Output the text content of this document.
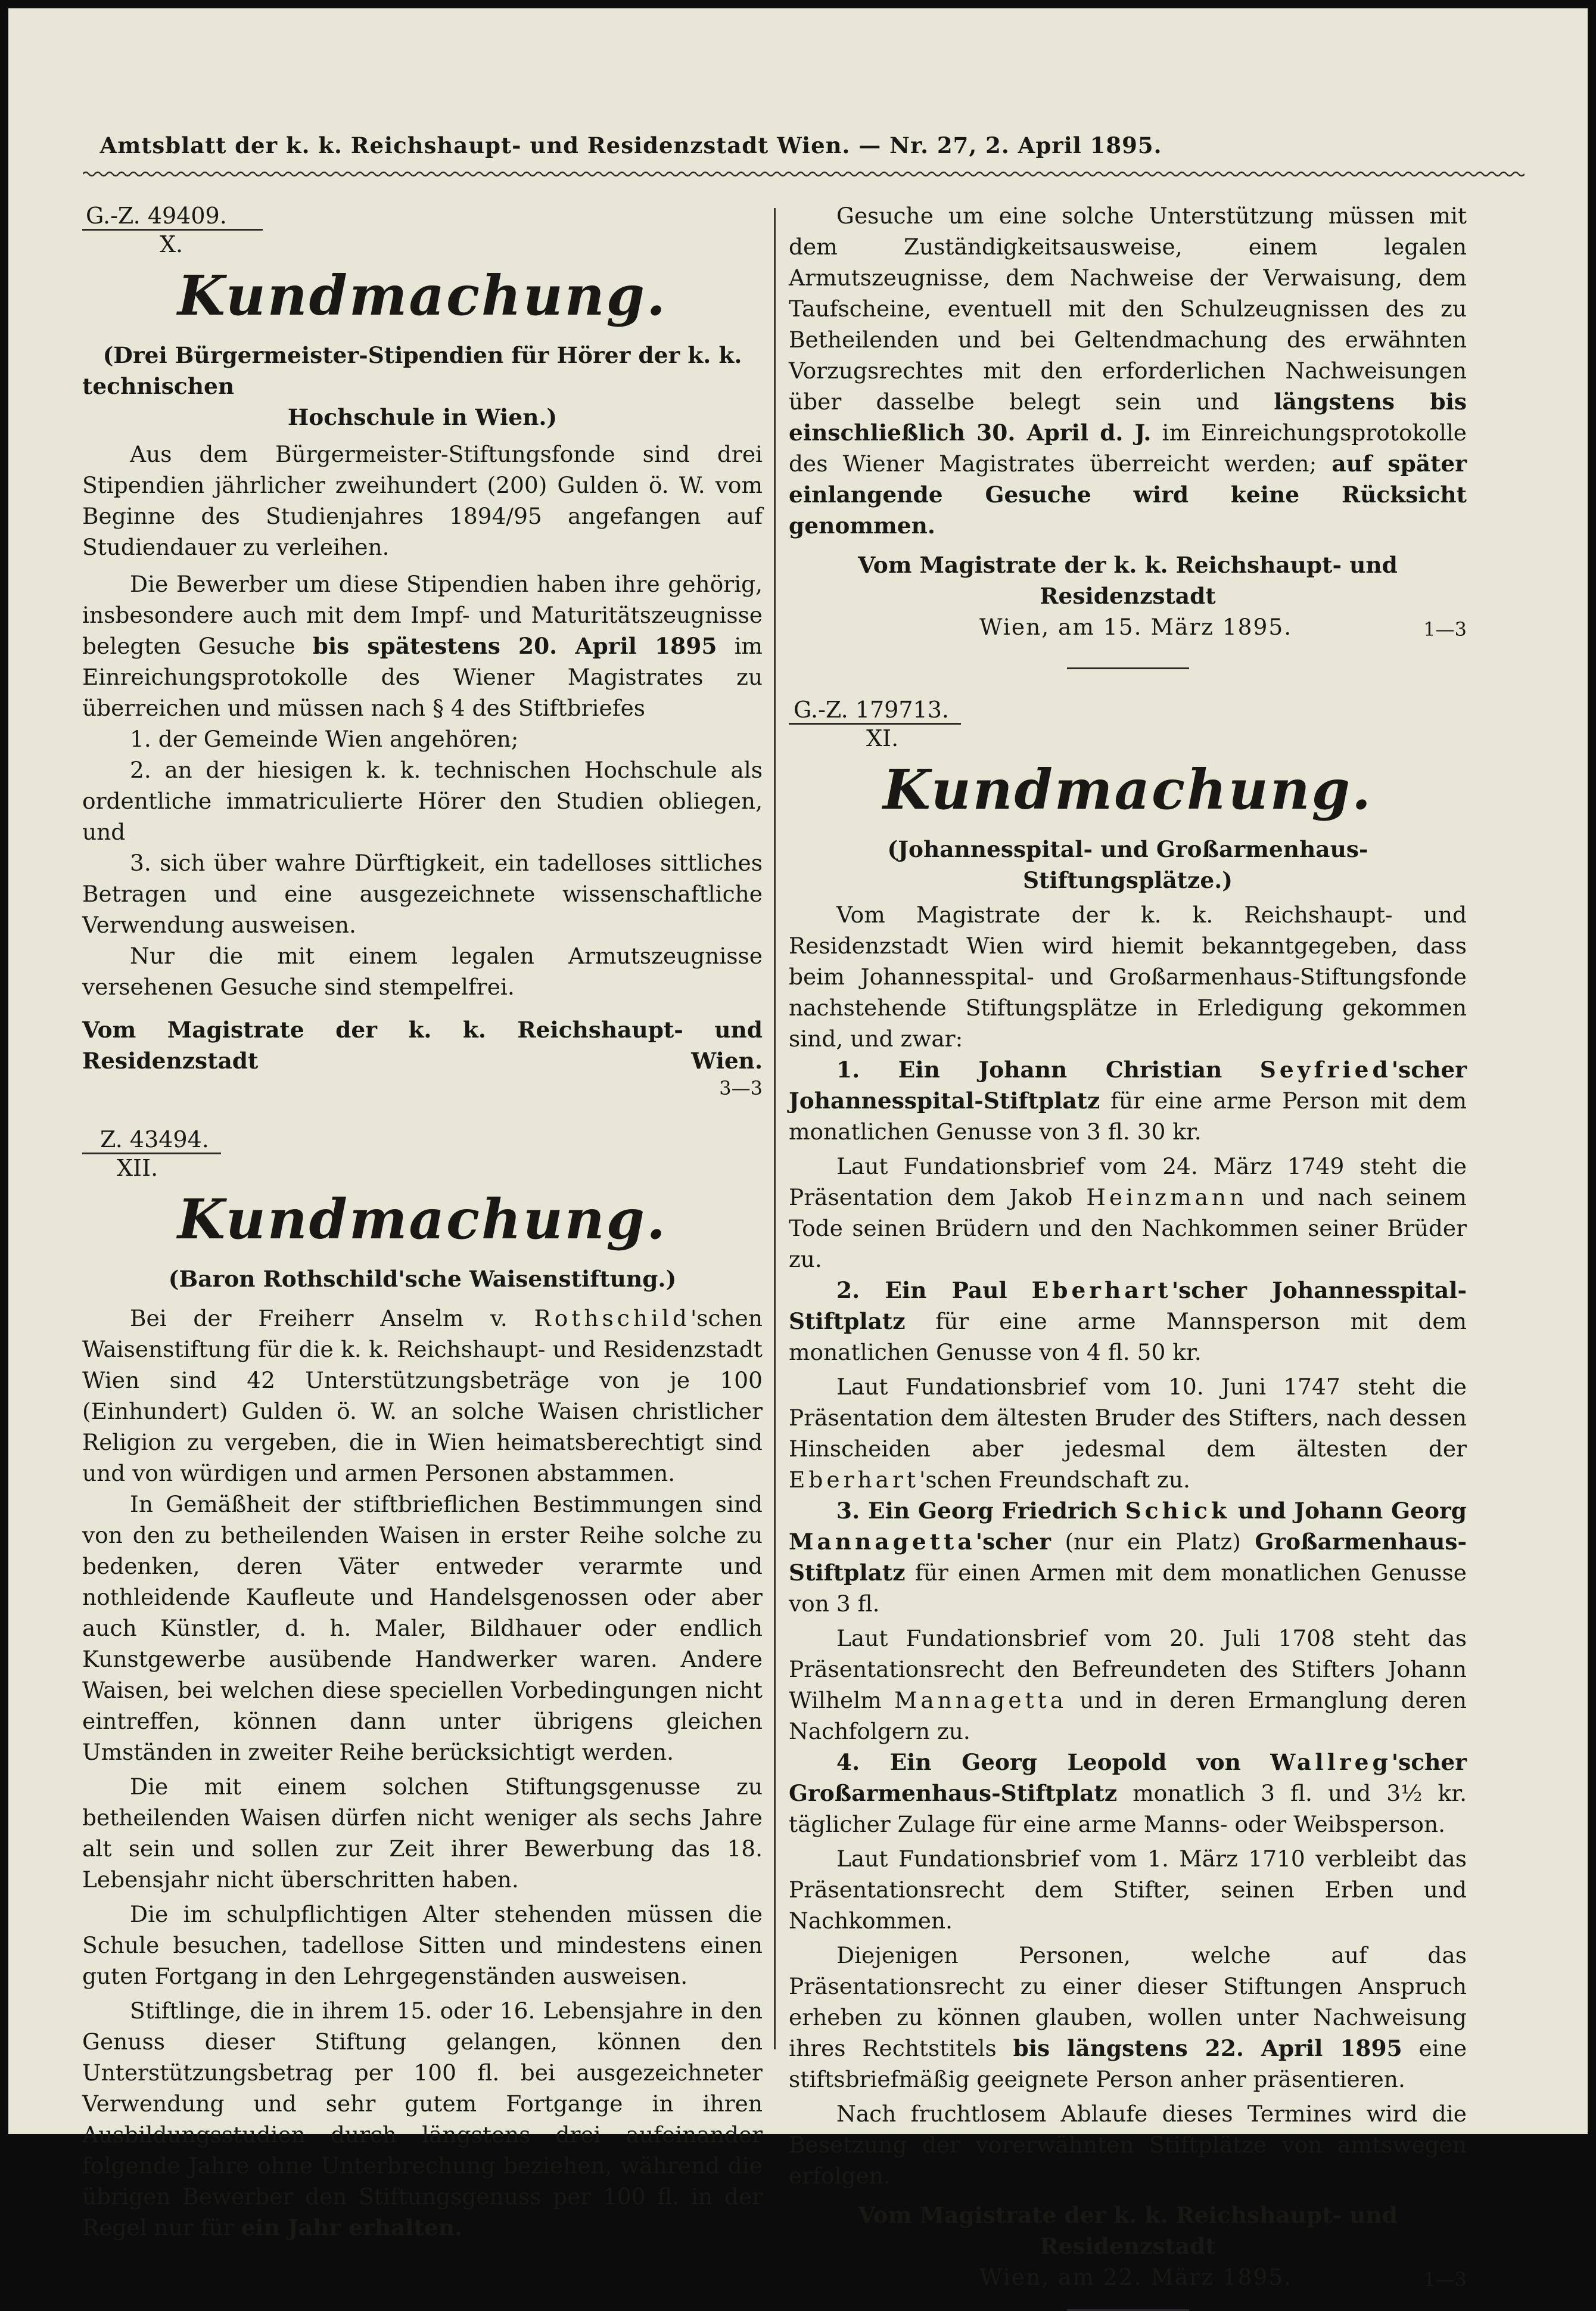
Amtsblatt der k. k. Reichshaupt- und Residenzstadt Wien. — Nr. 27, 2. April 1895.
G.-Z. 49409.
X.
Kundmachung.

(Drei Bürgermeister-Stipendien für Hörer der k. k. technischen

Hochschule in Wien.)

Aus dem Bürgermeister-Stiftungsfonde sind drei Stipendien jährlicher zweihundert (200) Gulden ö. W. vom Beginne des Studienjahres 1894/95 angefangen auf Studiendauer zu verleihen.

Die Bewerber um diese Stipendien haben ihre gehörig, insbesondere auch mit dem Impf- und Maturitätszeugnisse belegten Gesuche bis spätestens 20. April 1895 im Einreichungsprotokolle des Wiener Magistrates zu überreichen und müssen nach § 4 des Stiftbriefes

1. der Gemeinde Wien angehören;

2. an der hiesigen k. k. technischen Hochschule als ordentliche immatriculierte Hörer den Studien obliegen, und

3. sich über wahre Dürftigkeit, ein tadelloses sittliches Betragen und eine ausgezeichnete wissenschaftliche Verwendung ausweisen.

Nur die mit einem legalen Armutszeugnisse versehenen Gesuche sind stempelfrei.

Vom Magistrate der k. k. Reichshaupt- und Residenzstadt Wien.

3—3

Z. 43494.
XII.
Kundmachung.

(Baron Rothschild'sche Waisenstiftung.)

Bei der Freiherr Anselm v. Rothschild'schen Waisenstiftung für die k. k. Reichshaupt- und Residenzstadt Wien sind 42 Unterstützungsbeträge von je 100 (Einhundert) Gulden ö. W. an solche Waisen christlicher Religion zu vergeben, die in Wien heimatsberechtigt sind und von würdigen und armen Personen abstammen.

In Gemäßheit der stiftbrieflichen Bestimmungen sind von den zu betheilenden Waisen in erster Reihe solche zu bedenken, deren Väter entweder verarmte und nothleidende Kaufleute und Handelsgenossen oder aber auch Künstler, d. h. Maler, Bildhauer oder endlich Kunstgewerbe ausübende Handwerker waren. Andere Waisen, bei welchen diese speciellen Vorbedingungen nicht eintreffen, können dann unter übrigens gleichen Umständen in zweiter Reihe berücksichtigt werden.

Die mit einem solchen Stiftungsgenusse zu betheilenden Waisen dürfen nicht weniger als sechs Jahre alt sein und sollen zur Zeit ihrer Bewerbung das 18. Lebensjahr nicht überschritten haben.

Die im schulpflichtigen Alter stehenden müssen die Schule besuchen, tadellose Sitten und mindestens einen guten Fortgang in den Lehrgegenständen ausweisen.

Stiftlinge, die in ihrem 15. oder 16. Lebensjahre in den Genuss dieser Stiftung gelangen, können den Unterstützungsbetrag per 100 fl. bei ausgezeichneter Verwendung und sehr gutem Fortgange in ihren Ausbildungsstudien durch längstens drei aufeinander folgende Jahre ohne Unterbrechung beziehen, während die übrigen Bewerber den Stiftungsgenuss per 100 fl. in der Regel nur für ein Jahr erhalten.

Gesuche um eine solche Unterstützung müssen mit dem Zuständigkeitsausweise, einem legalen Armutszeugnisse, dem Nachweise der Verwaisung, dem Taufscheine, eventuell mit den Schulzeugnissen des zu Betheilenden und bei Geltendmachung des erwähnten Vorzugsrechtes mit den erforderlichen Nachweisungen über dasselbe belegt sein und längstens bis einschließlich 30. April d. J. im Einreichungsprotokolle des Wiener Magistrates überreicht werden; auf später einlangende Gesuche wird keine Rücksicht genommen.

Vom Magistrate der k. k. Reichshaupt- und Residenzstadt

Wien, am 15. März 1895.	1—3
G.-Z. 179713.
XI.
Kundmachung.

(Johannesspital- und Großarmenhaus-Stiftungsplätze.)

Vom Magistrate der k. k. Reichshaupt- und Residenzstadt Wien wird hiemit bekanntgegeben, dass beim Johannesspital- und Großarmenhaus-Stiftungsfonde nachstehende Stiftungsplätze in Erledigung gekommen sind, und zwar:

1. Ein Johann Christian Seyfried'scher Johannesspital-Stiftplatz für eine arme Person mit dem monatlichen Genusse von 3 fl. 30 kr.

Laut Fundationsbrief vom 24. März 1749 steht die Präsentation dem Jakob Heinzmann und nach seinem Tode seinen Brüdern und den Nachkommen seiner Brüder zu.

2. Ein Paul Eberhart'scher Johannesspital-Stiftplatz für eine arme Mannsperson mit dem monatlichen Genusse von 4 fl. 50 kr.

Laut Fundationsbrief vom 10. Juni 1747 steht die Präsentation dem ältesten Bruder des Stifters, nach dessen Hinscheiden aber jedesmal dem ältesten der Eberhart'schen Freundschaft zu.

3. Ein Georg Friedrich Schick und Johann Georg Mannagetta'scher (nur ein Platz) Großarmenhaus-Stiftplatz für einen Armen mit dem monatlichen Genusse von 3 fl.

Laut Fundationsbrief vom 20. Juli 1708 steht das Präsentationsrecht den Befreundeten des Stifters Johann Wilhelm Mannagetta und in deren Ermanglung deren Nachfolgern zu.

4. Ein Georg Leopold von Wallreg'scher Großarmenhaus-Stiftplatz monatlich 3 fl. und 3½ kr. täglicher Zulage für eine arme Manns- oder Weibsperson.

Laut Fundationsbrief vom 1. März 1710 verbleibt das Präsentationsrecht dem Stifter, seinen Erben und Nachkommen.

Diejenigen Personen, welche auf das Präsentationsrecht zu einer dieser Stiftungen Anspruch erheben zu können glauben, wollen unter Nachweisung ihres Rechtstitels bis längstens 22. April 1895 eine stiftsbriefmäßig geeignete Person anher präsentieren.

Nach fruchtlosem Ablaufe dieses Termines wird die Besetzung der vorerwähnten Stiftplätze von amtswegen erfolgen.

Vom Magistrate der k. k. Reichshaupt- und Residenzstadt

Wien, am 22. März 1895.	1—3
